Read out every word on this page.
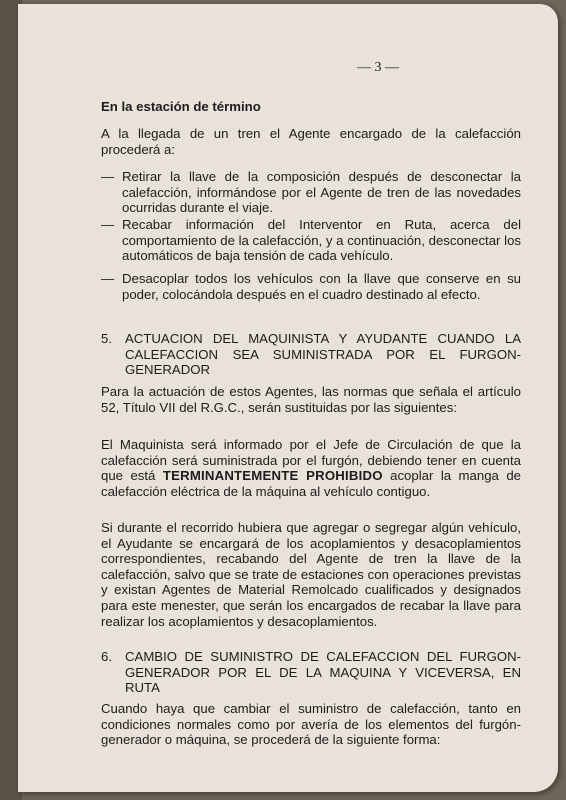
— 3 —
En la estación de término
A la llegada de un tren el Agente encargado de la calefacción procederá a:
— Retirar la llave de la composición después de desconectar la calefacción, informándose por el Agente de tren de las novedades ocurridas durante el viaje.
— Recabar información del Interventor en Ruta, acerca del comportamiento de la calefacción, y a continuación, desconectar los automáticos de baja tensión de cada vehículo.
— Desacoplar todos los vehículos con la llave que conserve en su poder, colocándola después en el cuadro destinado al efecto.
5. ACTUACION DEL MAQUINISTA Y AYUDANTE CUANDO LA CALEFACCION SEA SUMINISTRADA POR EL FURGON-GENERADOR
Para la actuación de estos Agentes, las normas que señala el artículo 52, Título VII del R.G.C., serán sustituidas por las siguientes:
El Maquinista será informado por el Jefe de Circulación de que la calefacción será suministrada por el furgón, debiendo tener en cuenta que está TERMINANTEMENTE PROHIBIDO acoplar la manga de calefacción eléctrica de la máquina al vehículo contiguo.
Si durante el recorrido hubiera que agregar o segregar algún vehículo, el Ayudante se encargará de los acoplamientos y desacoplamientos correspondientes, recabando del Agente de tren la llave de la calefacción, salvo que se trate de estaciones con operaciones previstas y existan Agentes de Material Remolcado cualificados y designados para este menester, que serán los encargados de recabar la llave para realizar los acoplamientos y desacoplamientos.
6. CAMBIO DE SUMINISTRO DE CALEFACCION DEL FURGON-GENERADOR POR EL DE LA MAQUINA Y VICEVERSA, EN RUTA
Cuando haya que cambiar el suministro de calefacción, tanto en condiciones normales como por avería de los elementos del furgón-generador o máquina, se procederá de la siguiente forma:
